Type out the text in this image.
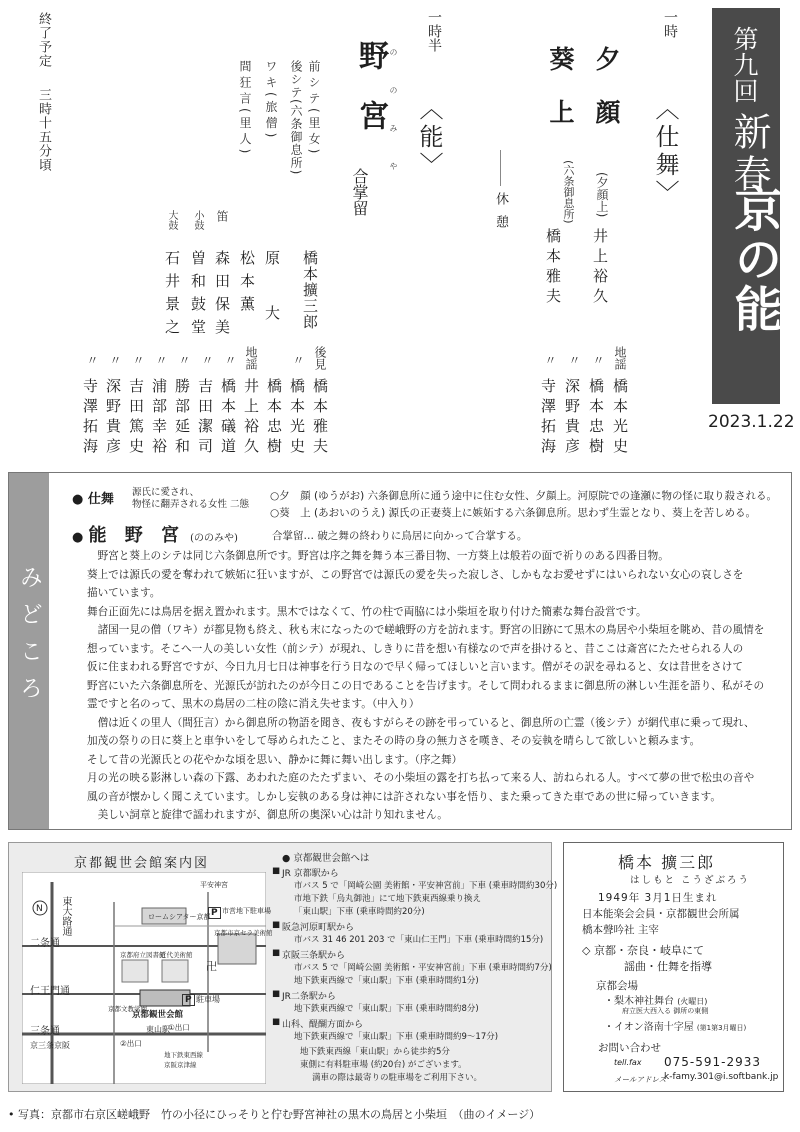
第九回
新春
京の能
2023.1.22
一時
〈仕舞〉
夕顔
(夕顔上)
井上裕久
葵上
(六条御息所)
橋本雅夫
地謡
〃
〃
〃
橋本光史
橋本忠樹
深野貴彦
寺澤拓海
休憩
一時半
〈能〉
ののみや
野宮
合掌留
前シテ(里女)
後シテ(六条御息所)
ワキ(旅僧)
間狂言(里人)
橋本擴三郎
原大
松本薫
笛
小鼓
大鼓
森田保美
曽和鼓堂
石井景之
後見
地謡	〃
〃
〃
〃
〃
〃
〃
〃
橋本雅夫
橋本光史
橋本忠樹
井上裕久
橋本礒道
吉田潔司
勝部延和
浦部幸裕
吉田篤史
深野貴彦
寺澤拓海
終了予定
三時十五分頃
みどころ
● 仕舞 源氏に愛され、
物怪に翻弄される女性 二態
○夕　顔 (ゆうがお) 六条御息所に通う途中に住む女性、夕顔上。河原院での逢瀬に物の怪に取り殺される。
○葵　上 (あおいのうえ) 源氏の正妻葵上に嫉妬する六条御息所。思わず生霊となり、葵上を苦しめる。
● 能 野 宮 (ののみや)	合掌留… 破之舞の終わりに鳥居に向かって合掌する。
　野宮と葵上のシテは同じ六条御息所です。野宮は序之舞を舞う本三番目物、一方葵上は般若の面で祈りのある四番目物。
葵上では源氏の愛を奪われて嫉妬に狂いますが、この野宮では源氏の愛を失った寂しさ、しかもなお愛せずにはいられない女心の哀しさを
描いています。
舞台正面先には鳥居を据え置かれます。黒木ではなくて、竹の柱で両脇には小柴垣を取り付けた簡素な舞台設営です。
　諸国一見の僧（ワキ）が都見物も終え、秋も末になったので嵯峨野の方を訪れます。野宮の旧跡にて黒木の鳥居や小柴垣を眺め、昔の風情を
想っています。そこへ一人の美しい女性（前シテ）が現れ、しきりに昔を想い有様なので声を掛けると、昔ここは斎宮にたたせられる人の
仮に住まわれる野宮ですが、今日九月七日は神事を行う日なので早く帰ってほしいと言います。僧がその訳を尋ねると、女は昔世をさけて
野宮にいた六条御息所を、光源氏が訪れたのが今日この日であることを告げます。そして問われるままに御息所の淋しい生涯を語り、私がその
霊ですと名のって、黒木の鳥居の二柱の陰に消え失せます。（中入り）
　僧は近くの里人（間狂言）から御息所の物語を聞き、夜もすがらその跡を弔っていると、御息所の亡霊（後シテ）が網代車に乗って現れ、
加茂の祭りの日に葵上と車争いをして辱められたこと、またその時の身の無力さを嘆き、その妄執を晴らして欲しいと頼みます。
そして昔の光源氏との花やかな頃を思い、静かに舞に舞い出します。（序之舞）
月の光の映る影淋しい森の下露、あわれた庭のたたずまい、その小柴垣の露を打ち払って来る人、訪ねられる人。すべて夢の世で松虫の音や
風の音が懐かしく聞こえています。しかし妄執のある身は神には許されない事を悟り、また乗ってきた車であの世に帰っていきます。
　美しい詞章と旋律で謡われますが、御息所の奥深い心は計り知れません。
京都観世会館案内図
N 東大路通
二条通
仁王門通
三条通
京三条京阪
平安神宮
ロームシアター京都 P 市営地下駐車場
京都府立図書館
京都市京セラ美術館
近代美術館
京都文教学園
P 駐車場
京都観世会館
東山駅
②出口
①出口
地下鉄東西線
京阪京津線
卍
● 京都観世会館へは
JR 京都駅から
■
市バス 5 で「岡崎公園 美術館・平安神宮前」下車 (乗車時間約30分)
市地下鉄「烏丸御池」にて地下鉄東西線乗り換え
「東山駅」下車 (乗車時間約20分)
阪急河原町駅から
■
市バス 31 46 201 203 で「東山仁王門」下車 (乗車時間約15分)
京阪三条駅から
■
市バス 5 で「岡崎公園 美術館・平安神宮前」下車 (乗車時間約7分)
地下鉄東西線で「東山駅」下車 (乗車時間約1分)
JR二条駅から
■
地下鉄東西線で「東山駅」下車 (乗車時間約8分)
山科、醍醐方面から
■
地下鉄東西線で「東山駅」下車 (乗車時間約9～17分)
地下鉄東西線「東山駅」から徒歩約5分
東側に有料駐車場 (約20台) がございます。
満車の際は最寄りの駐車場をご利用下さい。
橋本 擴三郎
はしもと こうざぶろう
1949年 3月1日生まれ
日本能楽会会員・京都観世会所属
橋本聲吟社 主宰
◇ 京都・奈良・岐阜にて
謡曲・仕舞を指導
京都会場
・梨木神社舞台 (火曜日)
府立医大西入る 御所の東側
・イオン洛南十字屋 (第1第3月曜日)
お問い合わせ
tell.fax 075-591-2933
メールアドレス
k-famy.301@i.softbank.jp
• 写真：京都市右京区嵯峨野　竹の小径にひっそりと佇む野宮神社の黒木の鳥居と小柴垣　（曲のイメージ）
